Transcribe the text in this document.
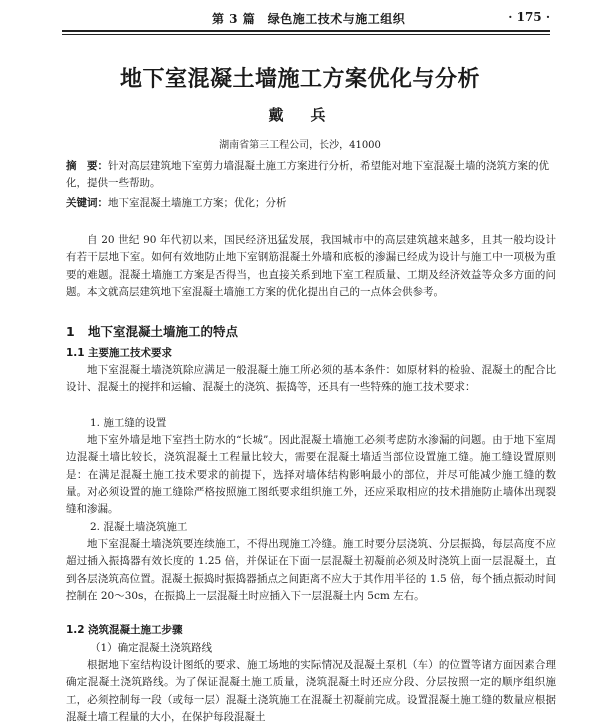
第 3 篇　绿色施工技术与施工组织	· 175 ·
地下室混凝土墙施工方案优化与分析
戴　兵
湖南省第三工程公司，长沙，41000
摘　要：针对高层建筑地下室剪力墙混凝土施工方案进行分析，希望能对地下室混凝土墙的浇筑方案的优化，提供一些帮助。
关键词：地下室混凝土墙施工方案；优化；分析
自 20 世纪 90 年代初以来，国民经济迅猛发展，我国城市中的高层建筑越来越多，且其一般均设计有若干层地下室。如何有效地防止地下室钢筋混凝土外墙和底板的渗漏已经成为设计与施工中一项极为重要的难题。混凝土墙施工方案是否得当，也直接关系到地下室工程质量、工期及经济效益等众多方面的问题。本文就高层建筑地下室混凝土墙施工方案的优化提出自己的一点体会供参考。
1 地下室混凝土墙施工的特点
1.1 主要施工技术要求
地下室混凝土墙浇筑除应满足一般混凝土施工所必须的基本条件：如原材料的检验、混凝土的配合比设计、混凝土的搅拌和运输、混凝土的浇筑、振捣等，还具有一些特殊的施工技术要求：
1. 施工缝的设置
地下室外墙是地下室挡土防水的“长城”。因此混凝土墙施工必须考虑防水渗漏的问题。由于地下室周边混凝土墙比较长，浇筑混凝土工程量比较大，需要在混凝土墙适当部位设置施工缝。施工缝设置原则是：在满足混凝土施工技术要求的前提下，选择对墙体结构影响最小的部位，并尽可能减少施工缝的数量。对必须设置的施工缝除严格按照施工图纸要求组织施工外，还应采取相应的技术措施防止墙体出现裂缝和渗漏。
2. 混凝土墙浇筑施工
地下室混凝土墙浇筑要连续施工，不得出现施工冷缝。施工时要分层浇筑、分层振捣，每层高度不应超过插入振捣器有效长度的 1.25 倍，并保证在下面一层混凝土初凝前必须及时浇筑上面一层混凝土，直到各层浇筑高位置。混凝土振捣时振捣器插点之间距离不应大于其作用半径的 1.5 倍，每个插点振动时间控制在 20～30s，在振捣上一层混凝土时应插入下一层混凝土内 5cm 左右。
1.2 浇筑混凝土施工步骤
（1）确定混凝土浇筑路线
根据地下室结构设计图纸的要求、施工场地的实际情况及混凝土泵机（车）的位置等诸方面因素合理确定混凝土浇筑路线。为了保证混凝土施工质量，浇筑混凝土时还应分段、分层按照一定的顺序组织施工，必须控制每一段（或每一层）混凝土浇筑施工在混凝土初凝前完成。设置混凝土施工缝的数量应根据混凝土墙工程量的大小，在保护每段混凝土
